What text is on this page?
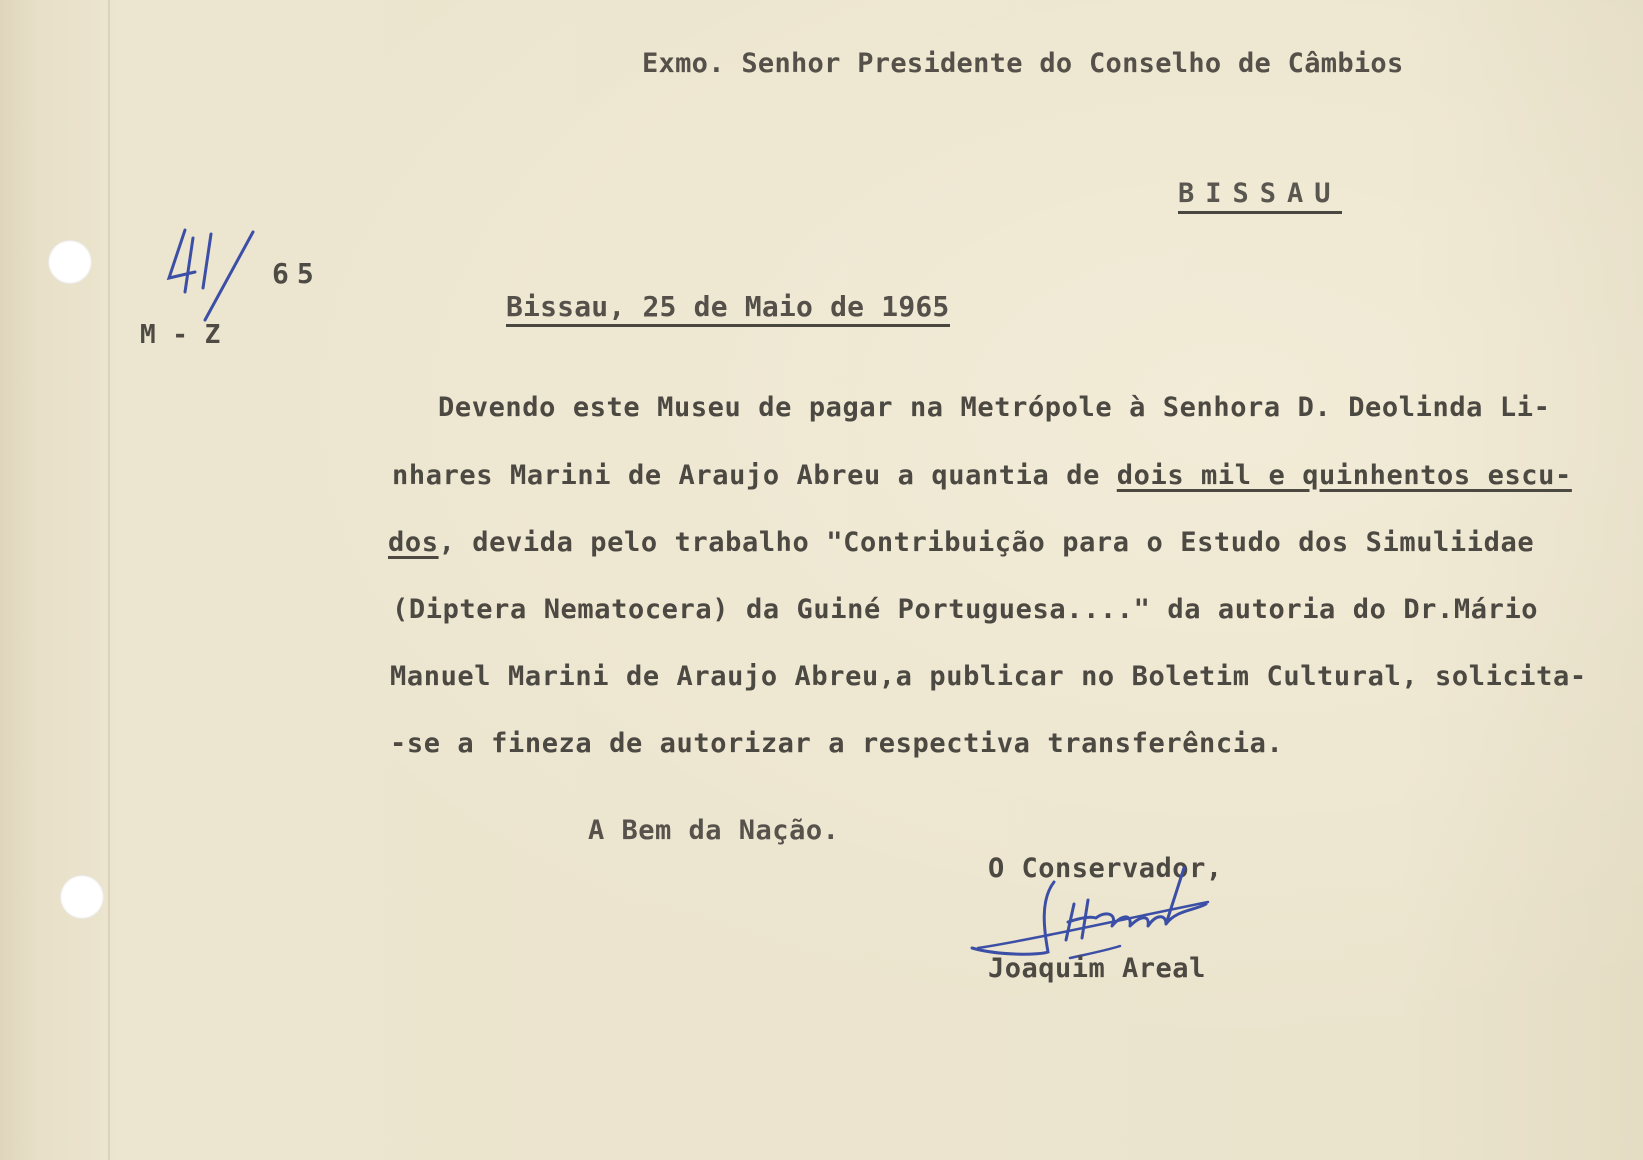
Exmo. Senhor Presidente do Conselho de Câmbios
BISSAU
65
M - Z
Bissau, 25 de Maio de 1965
Devendo este Museu de pagar na Metrópole à Senhora D. Deolinda Li-
nhares Marini de Araujo Abreu a quantia de dois mil e quinhentos escu-
dos, devida pelo trabalho "Contribuição para o Estudo dos Simuliidae
(Diptera Nematocera) da Guiné Portuguesa...." da autoria do Dr.Mário
Manuel Marini de Araujo Abreu,a publicar no Boletim Cultural, solicita-
-se a fineza de autorizar a respectiva transferência.
A Bem da Nação.
O Conservador,
Joaquim Areal
